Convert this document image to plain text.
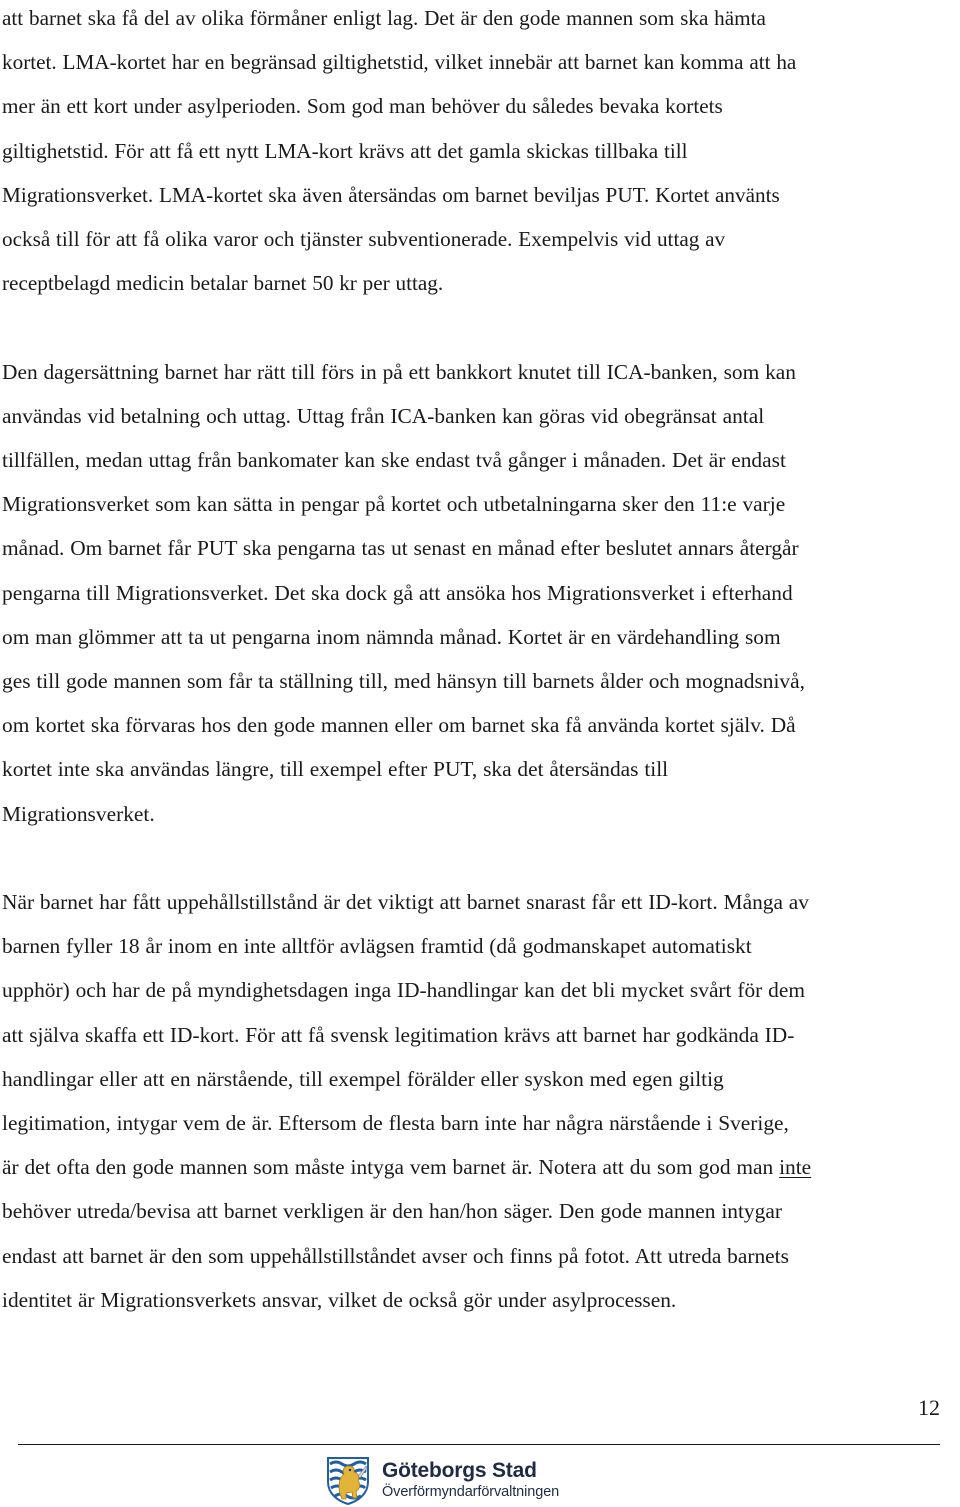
att barnet ska få del av olika förmåner enligt lag. Det är den gode mannen som ska hämta
kortet. LMA-kortet har en begränsad giltighetstid, vilket innebär att barnet kan komma att ha
mer än ett kort under asylperioden. Som god man behöver du således bevaka kortets
giltighetstid. För att få ett nytt LMA-kort krävs att det gamla skickas tillbaka till
Migrationsverket. LMA-kortet ska även återsändas om barnet beviljas PUT. Kortet använts
också till för att få olika varor och tjänster subventionerade. Exempelvis vid uttag av
receptbelagd medicin betalar barnet 50 kr per uttag.

Den dagersättning barnet har rätt till förs in på ett bankkort knutet till ICA-banken, som kan
användas vid betalning och uttag. Uttag från ICA-banken kan göras vid obegränsat antal
tillfällen, medan uttag från bankomater kan ske endast två gånger i månaden. Det är endast
Migrationsverket som kan sätta in pengar på kortet och utbetalningarna sker den 11:e varje
månad. Om barnet får PUT ska pengarna tas ut senast en månad efter beslutet annars återgår
pengarna till Migrationsverket. Det ska dock gå att ansöka hos Migrationsverket i efterhand
om man glömmer att ta ut pengarna inom nämnda månad. Kortet är en värdehandling som
ges till gode mannen som får ta ställning till, med hänsyn till barnets ålder och mognadsnivå,
om kortet ska förvaras hos den gode mannen eller om barnet ska få använda kortet själv. Då
kortet inte ska användas längre, till exempel efter PUT, ska det återsändas till
Migrationsverket.

När barnet har fått uppehållstillstånd är det viktigt att barnet snarast får ett ID-kort. Många av
barnen fyller 18 år inom en inte alltför avlägsen framtid (då godmanskapet automatiskt
upphör) och har de på myndighetsdagen inga ID-handlingar kan det bli mycket svårt för dem
att själva skaffa ett ID-kort. För att få svensk legitimation krävs att barnet har godkända ID-
handlingar eller att en närstående, till exempel förälder eller syskon med egen giltig
legitimation, intygar vem de är. Eftersom de flesta barn inte har några närstående i Sverige,
är det ofta den gode mannen som måste intyga vem barnet är. Notera att du som god man inte
behöver utreda/bevisa att barnet verkligen är den han/hon säger. Den gode mannen intygar
endast att barnet är den som uppehållstillståndet avser och finns på fotot. Att utreda barnets
identitet är Migrationsverkets ansvar, vilket de också gör under asylprocessen.

12
Göteborgs Stad
Överförmyndarförvaltningen
